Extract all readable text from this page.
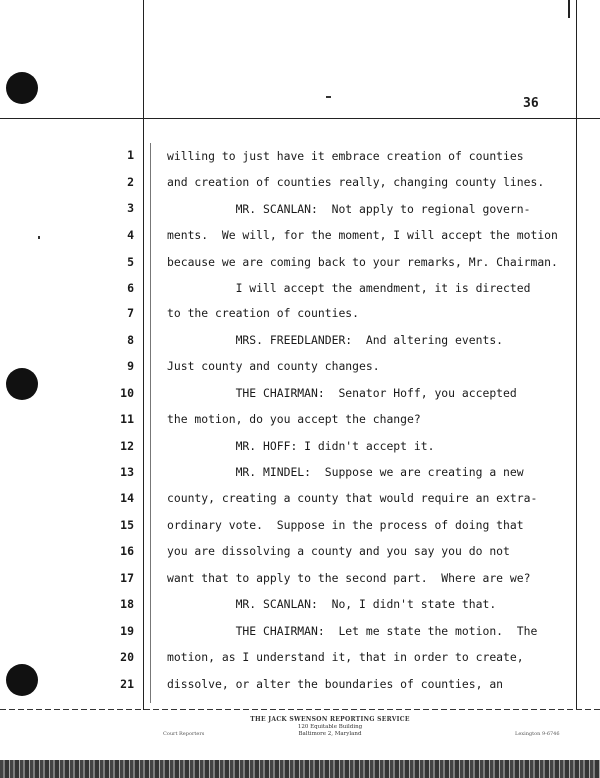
36
1
2
3
4
5
6
7
8
9
10
11
12
13
14
15
16
17
18
19
20
21
willing to just have it embrace creation of counties
and creation of counties really, changing county lines.
MR. SCANLAN:  Not apply to regional govern-
ments.  We will, for the moment, I will accept the motion
because we are coming back to your remarks, Mr. Chairman.
I will accept the amendment, it is directed
to the creation of counties.
MRS. FREEDLANDER:  And altering events.
Just county and county changes.
THE CHAIRMAN:  Senator Hoff, you accepted
the motion, do you accept the change?
MR. HOFF: I didn't accept it.
MR. MINDEL:  Suppose we are creating a new
county, creating a county that would require an extra-
ordinary vote.  Suppose in the process of doing that
you are dissolving a county and you say you do not
want that to apply to the second part.  Where are we?
MR. SCANLAN:  No, I didn't state that.
THE CHAIRMAN:  Let me state the motion.  The
motion, as I understand it, that in order to create,
dissolve, or alter the boundaries of counties, an
THE JACK SWENSON REPORTING SERVICE
120 Equitable Building
Baltimore 2, Maryland
Court Reporters	Lexington 9-6746
